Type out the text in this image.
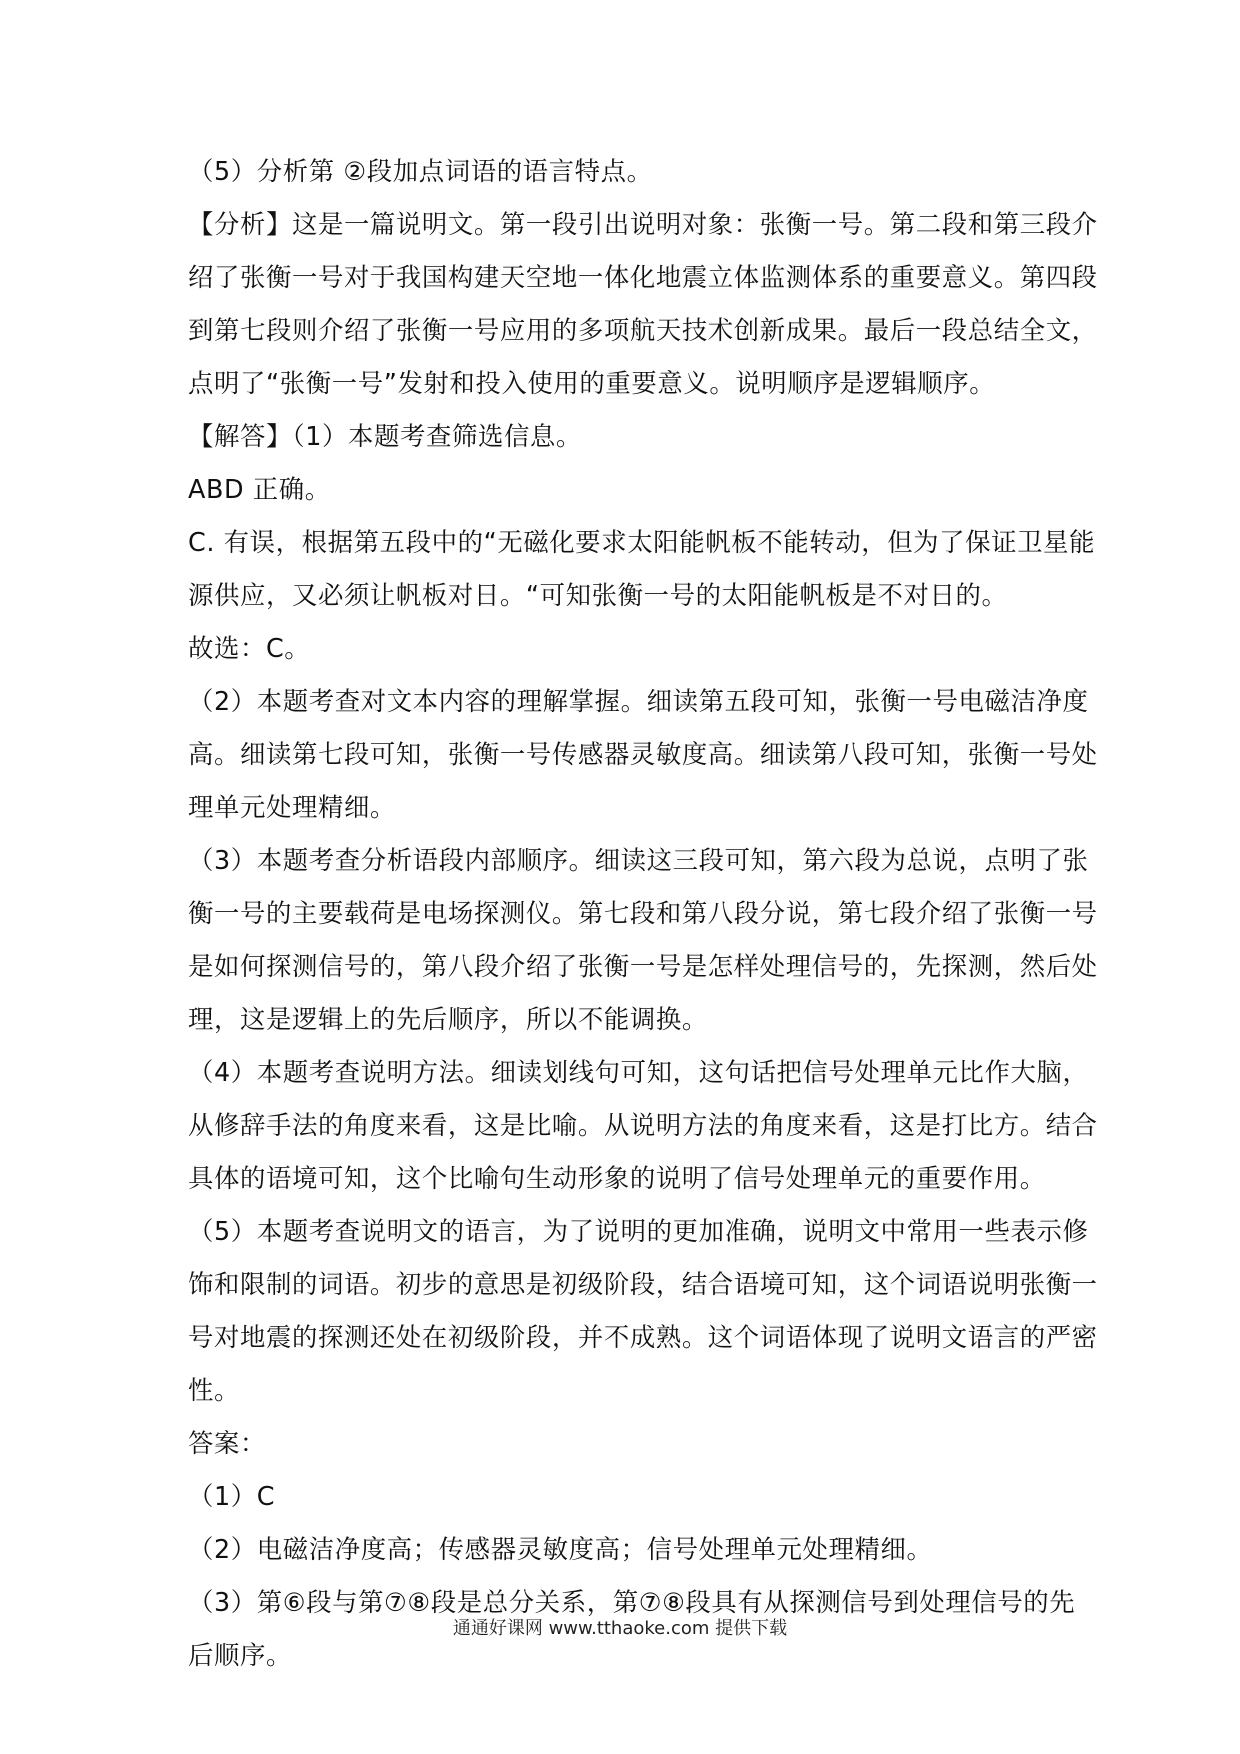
（5）分析第 ②段加点词语的语言特点。
【分析】这是一篇说明文。第一段引出说明对象：张衡一号。第二段和第三段介
绍了张衡一号对于我国构建天空地一体化地震立体监测体系的重要意义。第四段
到第七段则介绍了张衡一号应用的多项航天技术创新成果。最后一段总结全文，
点明了“张衡一号”发射和投入使用的重要意义。说明顺序是逻辑顺序。
【解答】（1）本题考查筛选信息。
ABD 正确。
C. 有误，根据第五段中的“无磁化要求太阳能帆板不能转动，但为了保证卫星能
源供应，又必须让帆板对日。“可知张衡一号的太阳能帆板是不对日的。
故选：C。
（2）本题考查对文本内容的理解掌握。细读第五段可知，张衡一号电磁洁净度
高。细读第七段可知，张衡一号传感器灵敏度高。细读第八段可知，张衡一号处
理单元处理精细。
（3）本题考查分析语段内部顺序。细读这三段可知，第六段为总说，点明了张
衡一号的主要载荷是电场探测仪。第七段和第八段分说，第七段介绍了张衡一号
是如何探测信号的，第八段介绍了张衡一号是怎样处理信号的，先探测，然后处
理，这是逻辑上的先后顺序，所以不能调换。
（4）本题考查说明方法。细读划线句可知，这句话把信号处理单元比作大脑，
从修辞手法的角度来看，这是比喻。从说明方法的角度来看，这是打比方。结合
具体的语境可知，这个比喻句生动形象的说明了信号处理单元的重要作用。
（5）本题考查说明文的语言，为了说明的更加准确，说明文中常用一些表示修
饰和限制的词语。初步的意思是初级阶段，结合语境可知，这个词语说明张衡一
号对地震的探测还处在初级阶段，并不成熟。这个词语体现了说明文语言的严密
性。
答案：
（1）C
（2）电磁洁净度高；传感器灵敏度高；信号处理单元处理精细。
（3）第⑥段与第⑦⑧段是总分关系，第⑦⑧段具有从探测信号到处理信号的先
后顺序。
通通好课网 www.tthaoke.com 提供下载
